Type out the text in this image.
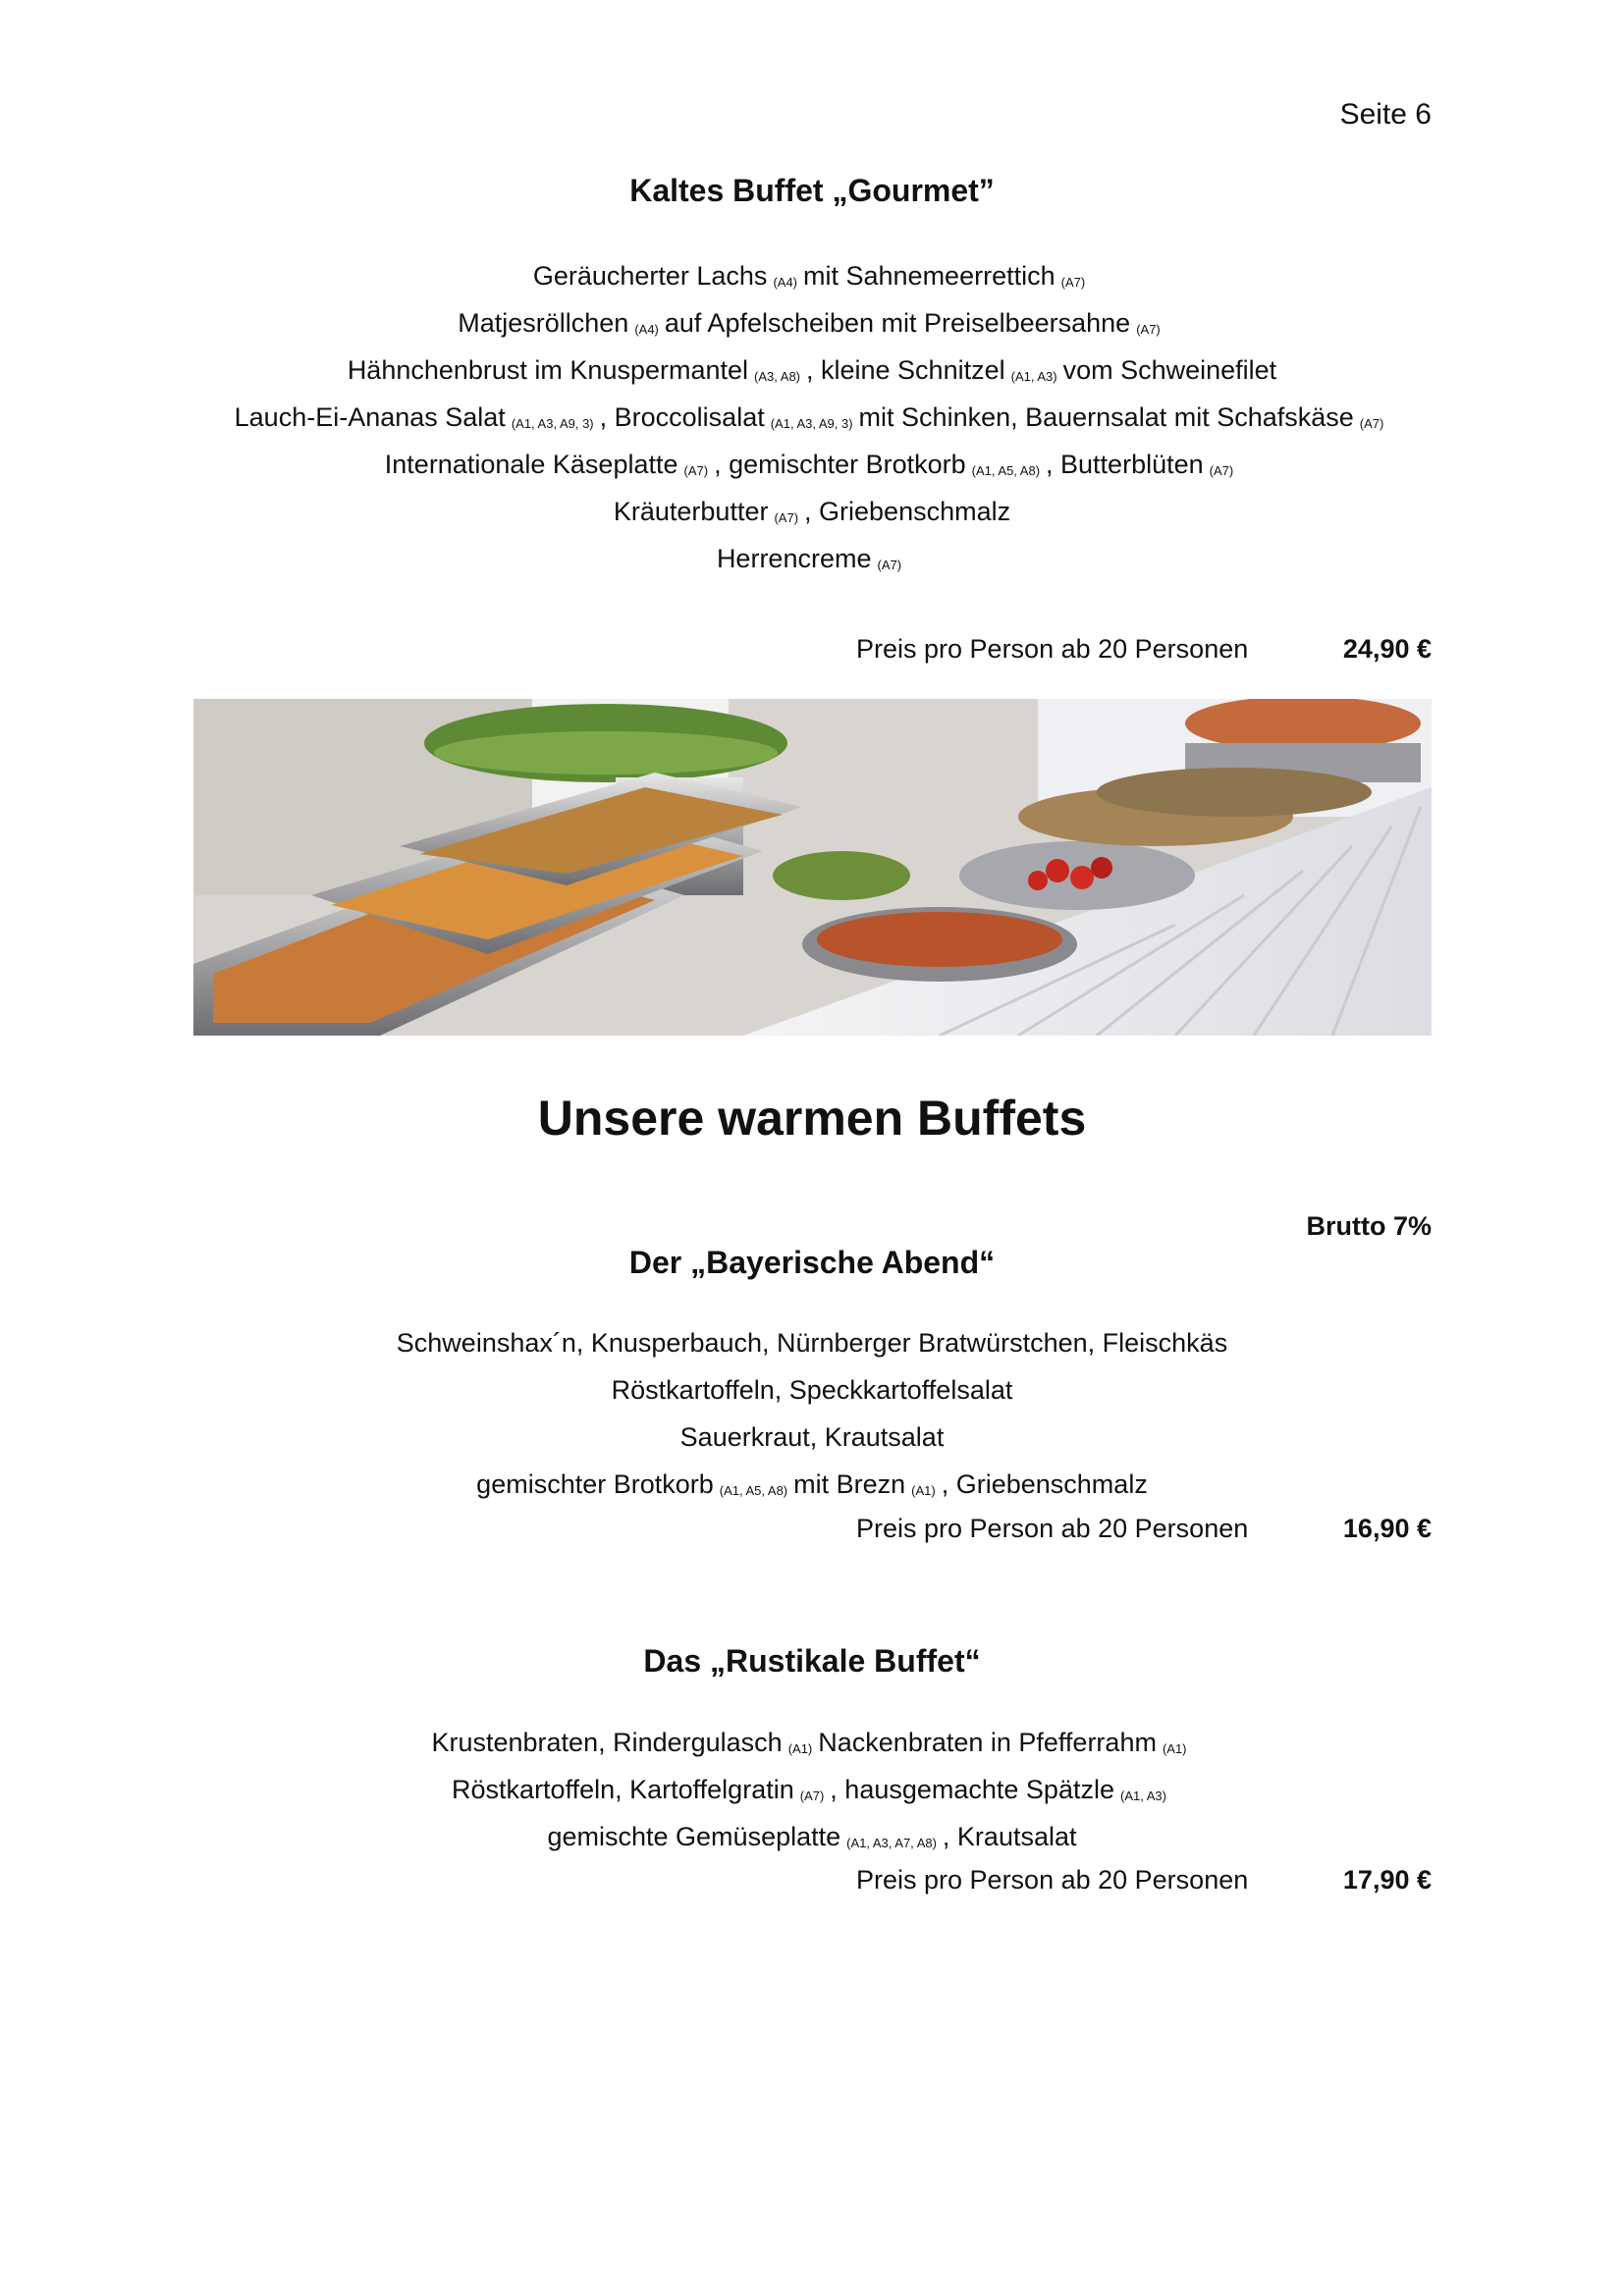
Seite 6
Kaltes Buffet „Gourmet”
Geräucherter Lachs (A4) mit Sahnemeerrettich (A7)
Matjesröllchen (A4) auf Apfelscheiben mit Preiselbeersahne (A7)
Hähnchenbrust im Knuspermantel (A3, A8) , kleine Schnitzel (A1, A3) vom Schweinefilet
Lauch-Ei-Ananas Salat (A1, A3, A9, 3) , Broccolisalat (A1, A3, A9, 3) mit Schinken, Bauernsalat mit Schafskäse (A7)
Internationale Käseplatte (A7) , gemischter Brotkorb (A1, A5, A8) , Butterblüten (A7)
Kräuterbutter (A7) , Griebenschmalz
Herrencreme (A7)
Preis pro Person ab 20 Personen	24,90 €
Unsere warmen Buffets
Brutto 7%
Der „Bayerische Abend“
Schweinshax´n, Knusperbauch, Nürnberger Bratwürstchen, Fleischkäs
Röstkartoffeln, Speckkartoffelsalat
Sauerkraut, Krautsalat
gemischter Brotkorb (A1, A5, A8) mit Brezn (A1) , Griebenschmalz
Preis pro Person ab 20 Personen	16,90 €
Das „Rustikale Buffet“
Krustenbraten, Rindergulasch (A1) Nackenbraten in Pfefferrahm (A1)
Röstkartoffeln, Kartoffelgratin (A7) , hausgemachte Spätzle (A1, A3)
gemischte Gemüseplatte (A1, A3, A7, A8) , Krautsalat
Preis pro Person ab 20 Personen	17,90 €
